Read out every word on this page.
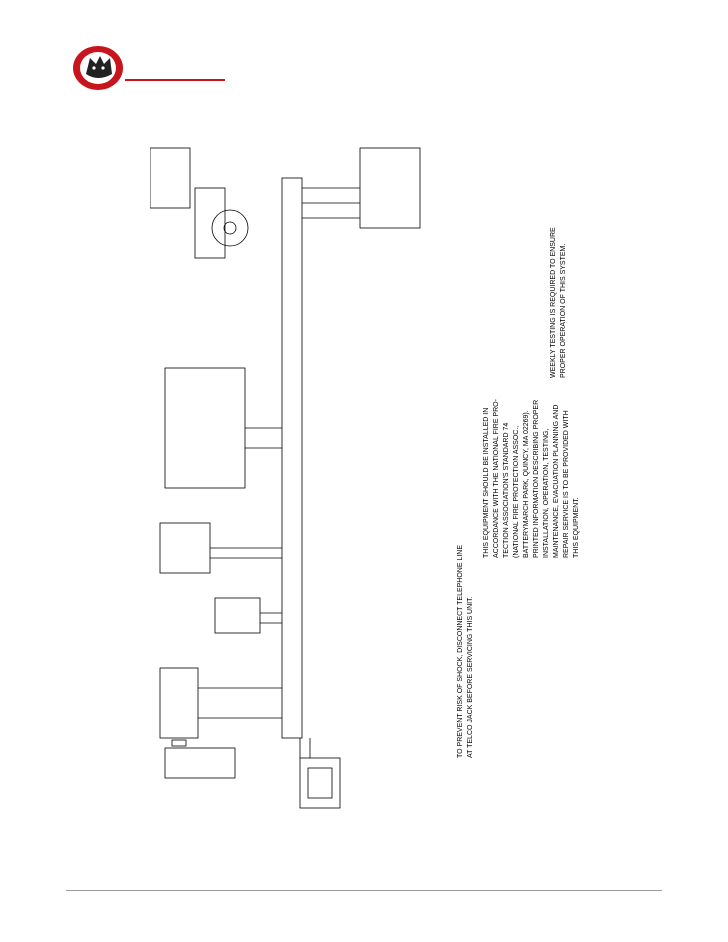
TO PREVENT RISK OF SHOCK, DISCONNECT TELEPHONE LINE AT TELCO JACK BEFORE SERVICING THIS UNIT.
THIS EQUIPMENT SHOULD BE INSTALLED IN ACCORDANCE WITH THE NATIONAL FIRE PRO- TECTION ASSOCIATION'S STANDARD 74 (NATIONAL FIRE PROTECTION ASSOC., BATTERYMARCH PARK, QUINCY, MA 02269). PRINTED INFORMATION DESCRIBING PROPER INSTALLATION, OPERATION, TESTING, MAINTENANCE, EVACUATION PLANNING AND REPAIR SERVICE IS TO BE PROVIDED WITH THIS EQUIPMENT.
WEEKLY TESTING IS REQUIRED TO ENSURE PROPER OPERATION OF THIS SYSTEM.
